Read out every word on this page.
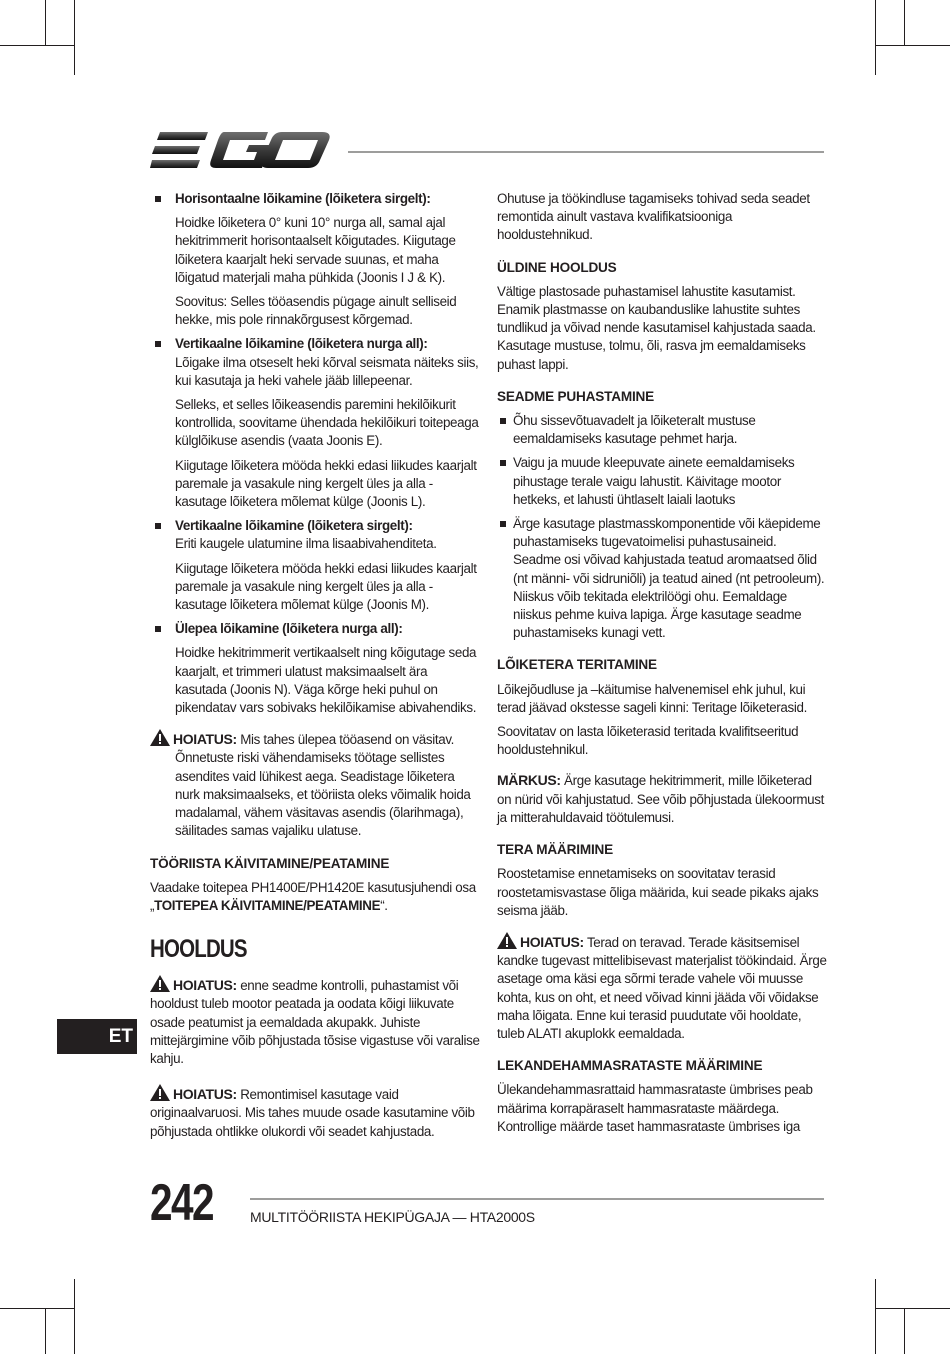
Horisontaalne lõikamine (lõiketera sirgelt):

Hoidke lõiketera 0° kuni 10° nurga all, samal ajal hekitrimmerit horisontaalselt kõigutades. Kiigutage lõiketera kaarjalt heki servade suunas, et maha lõigatud materjali maha pühkida (Joonis I J & K).

Soovitus: Selles tööasendis pügage ainult selliseid hekke, mis pole rinnakõrgusest kõrgemad.

Vertikaalne lõikamine (lõiketera nurga all):
Lõigake ilma otseselt heki kõrval seismata näiteks siis, kui kasutaja ja heki vahele jääb lillepeenar.

Selleks, et selles lõikeasendis paremini hekilõikurit kontrollida, soovitame ühendada hekilõikuri toitepeaga külglõikuse asendis (vaata Joonis E).

Kiigutage lõiketera mööda hekki edasi liikudes kaarjalt paremale ja vasakule ning kergelt üles ja alla - kasutage lõiketera mõlemat külge (Joonis L).

Vertikaalne lõikamine (lõiketera sirgelt):
Eriti kaugele ulatumine ilma lisaabivahenditeta.

Kiigutage lõiketera mööda hekki edasi liikudes kaarjalt paremale ja vasakule ning kergelt üles ja alla - kasutage lõiketera mõlemat külge (Joonis M).

Ülepea lõikamine (lõiketera nurga all):

Hoidke hekitrimmerit vertikaalselt ning kõigutage seda kaarjalt, et trimmeri ulatust maksimaalselt ära kasutada (Joonis N). Väga kõrge heki puhul on pikendatav vars sobivaks hekilõikamise abivahendiks.

HOIATUS: Mis tahes ülepea tööasend on väsitav. Õnnetuste riski vähendamiseks töötage sellistes asendites vaid lühikest aega. Seadistage lõiketera nurk maksimaalseks, et tööriista oleks võimalik hoida madalamal, vähem väsitavas asendis (õlarihmaga), säilitades samas vajaliku ulatuse.

TÖÖRIISTA KÄIVITAMINE/PEATAMINE

Vaadake toitepea PH1400E/PH1420E kasutusjuhendi osa „TOITEPEA KÄIVITAMINE/PEATAMINE“.

HOOLDUS

HOIATUS: enne seadme kontrolli, puhastamist või hooldust tuleb mootor peatada ja oodata kõigi liikuvate osade peatumist ja eemaldada akupakk. Juhiste mittejärgimine võib põhjustada tõsise vigastuse või varalise kahju.

HOIATUS: Remontimisel kasutage vaid originaalvaruosi. Mis tahes muude osade kasutamine võib põhjustada ohtlikke olukordi või seadet kahjustada.

Ohutuse ja töökindluse tagamiseks tohivad seda seadet remontida ainult vastava kvalifikatsiooniga hooldustehnikud.

ÜLDINE HOOLDUS

Vältige plastosade puhastamisel lahustite kasutamist. Enamik plastmasse on kaubanduslike lahustite suhtes tundlikud ja võivad nende kasutamisel kahjustada saada. Kasutage mustuse, tolmu, õli, rasva jm eemaldamiseks puhast lappi.

SEADME PUHASTAMINE
Õhu sissevõtuavadelt ja lõiketeralt mustuse eemaldamiseks kasutage pehmet harja.
Vaigu ja muude kleepuvate ainete eemaldamiseks pihustage terale vaigu lahustit. Käivitage mootor hetkeks, et lahusti ühtlaselt laiali laotuks
Ärge kasutage plastmasskomponentide või käepideme puhastamiseks tugevatoimelisi puhastusaineid. Seadme osi võivad kahjustada teatud aromaatsed õlid (nt männi- või sidruniõli) ja teatud ained (nt petrooleum). Niiskus võib tekitada elektrilöögi ohu. Eemaldage niiskus pehme kuiva lapiga. Ärge kasutage seadme puhastamiseks kunagi vett.
LÕIKETERA TERITAMINE

Lõikejõudluse ja –käitumise halvenemisel ehk juhul, kui terad jäävad okstesse sageli kinni: Teritage lõiketerasid.

Soovitatav on lasta lõiketerasid teritada kvalifitseeritud hooldustehnikul.

MÄRKUS: Ärge kasutage hekitrimmerit, mille lõiketerad on nürid või kahjustatud. See võib põhjustada ülekoormust ja mitterahuldavaid töötulemusi.

TERA MÄÄRIMINE

Roostetamise ennetamiseks on soovitatav terasid roostetamisvastase õliga määrida, kui seade pikaks ajaks seisma jääb.

HOIATUS: Terad on teravad. Terade käsitsemisel kandke tugevast mittelibisevast materjalist töökindaid. Ärge asetage oma käsi ega sõrmi terade vahele või muusse kohta, kus on oht, et need võivad kinni jääda või võidakse maha lõigata. Enne kui terasid puudutate või hooldate, tuleb ALATI akuplokk eemaldada.

LEKANDEHAMMASRATASTE MÄÄRIMINE

Ülekandehammasrattaid hammasrataste ümbrises peab määrima korrapäraselt hammasrataste määrdega. Kontrollige määrde taset hammasrataste ümbrises iga

ET
242	MULTITÖÖRIISTA HEKIPÜGAJA — HTA2000S
